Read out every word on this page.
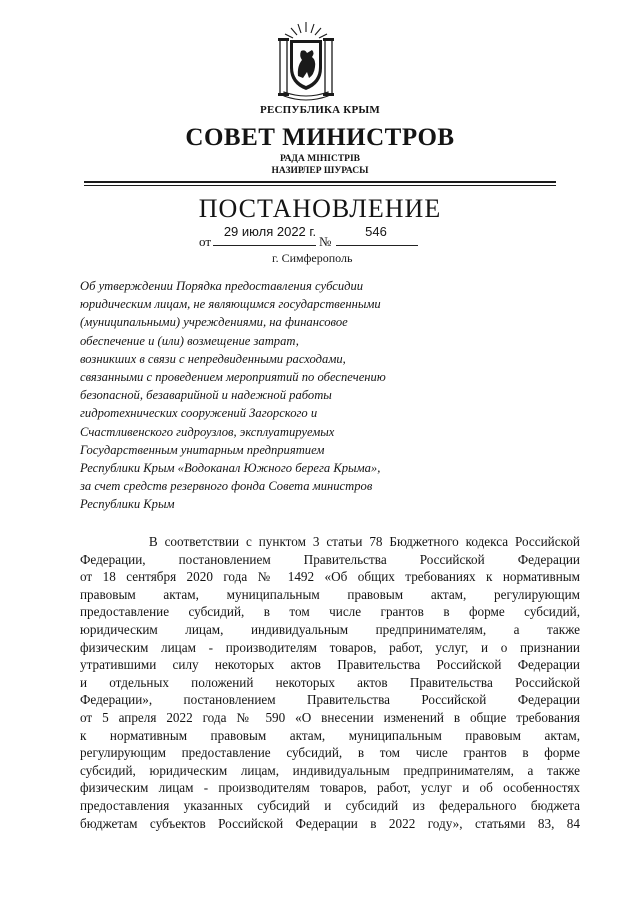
РЕСПУБЛИКА КРЫМ
СОВЕТ МИНИСТРОВ
РАДА МІНІСТРІВ
НАЗИРЛЕР ШУРАСЫ
ПОСТАНОВЛЕНИЕ
от
29 июля 2022 г.
№
546
г. Симферополь
Об утверждении Порядка предоставления субсидии
юридическим лицам, не являющимся государственными
(муниципальными) учреждениями, на финансовое
обеспечение и (или) возмещение затрат,
возникших в связи с непредвиденными расходами,
связанными с проведением мероприятий по обеспечению
безопасной, безаварийной и надежной работы
гидротехнических сооружений Загорского и
Счастливенского гидроузлов, эксплуатируемых
Государственным унитарным предприятием
Республики Крым «Водоканал Южного берега Крыма»,
за счет средств резервного фонда Совета министров
Республики Крым

В соответствии с пунктом 3 статьи 78 Бюджетного кодекса Российской

Федерации, постановлением Правительства Российской Федерации

от 18 сентября 2020 года № 1492 «Об общих требованиях к нормативным

правовым актам, муниципальным правовым актам, регулирующим

предоставление субсидий, в том числе грантов в форме субсидий,

юридическим лицам, индивидуальным предпринимателям, а также

физическим лицам - производителям товаров, работ, услуг, и о признании

утратившими силу некоторых актов Правительства Российской Федерации

и отдельных положений некоторых актов Правительства Российской

Федерации», постановлением Правительства Российской Федерации

от 5 апреля 2022 года № 590 «О внесении изменений в общие требования

к нормативным правовым актам, муниципальным правовым актам,

регулирующим предоставление субсидий, в том числе грантов в форме

субсидий, юридическим лицам, индивидуальным предпринимателям, а также

физическим лицам - производителям товаров, работ, услуг и об особенностях

предоставления указанных субсидий и субсидий из федерального бюджета

бюджетам субъектов Российской Федерации в 2022 году», статьями 83, 84
